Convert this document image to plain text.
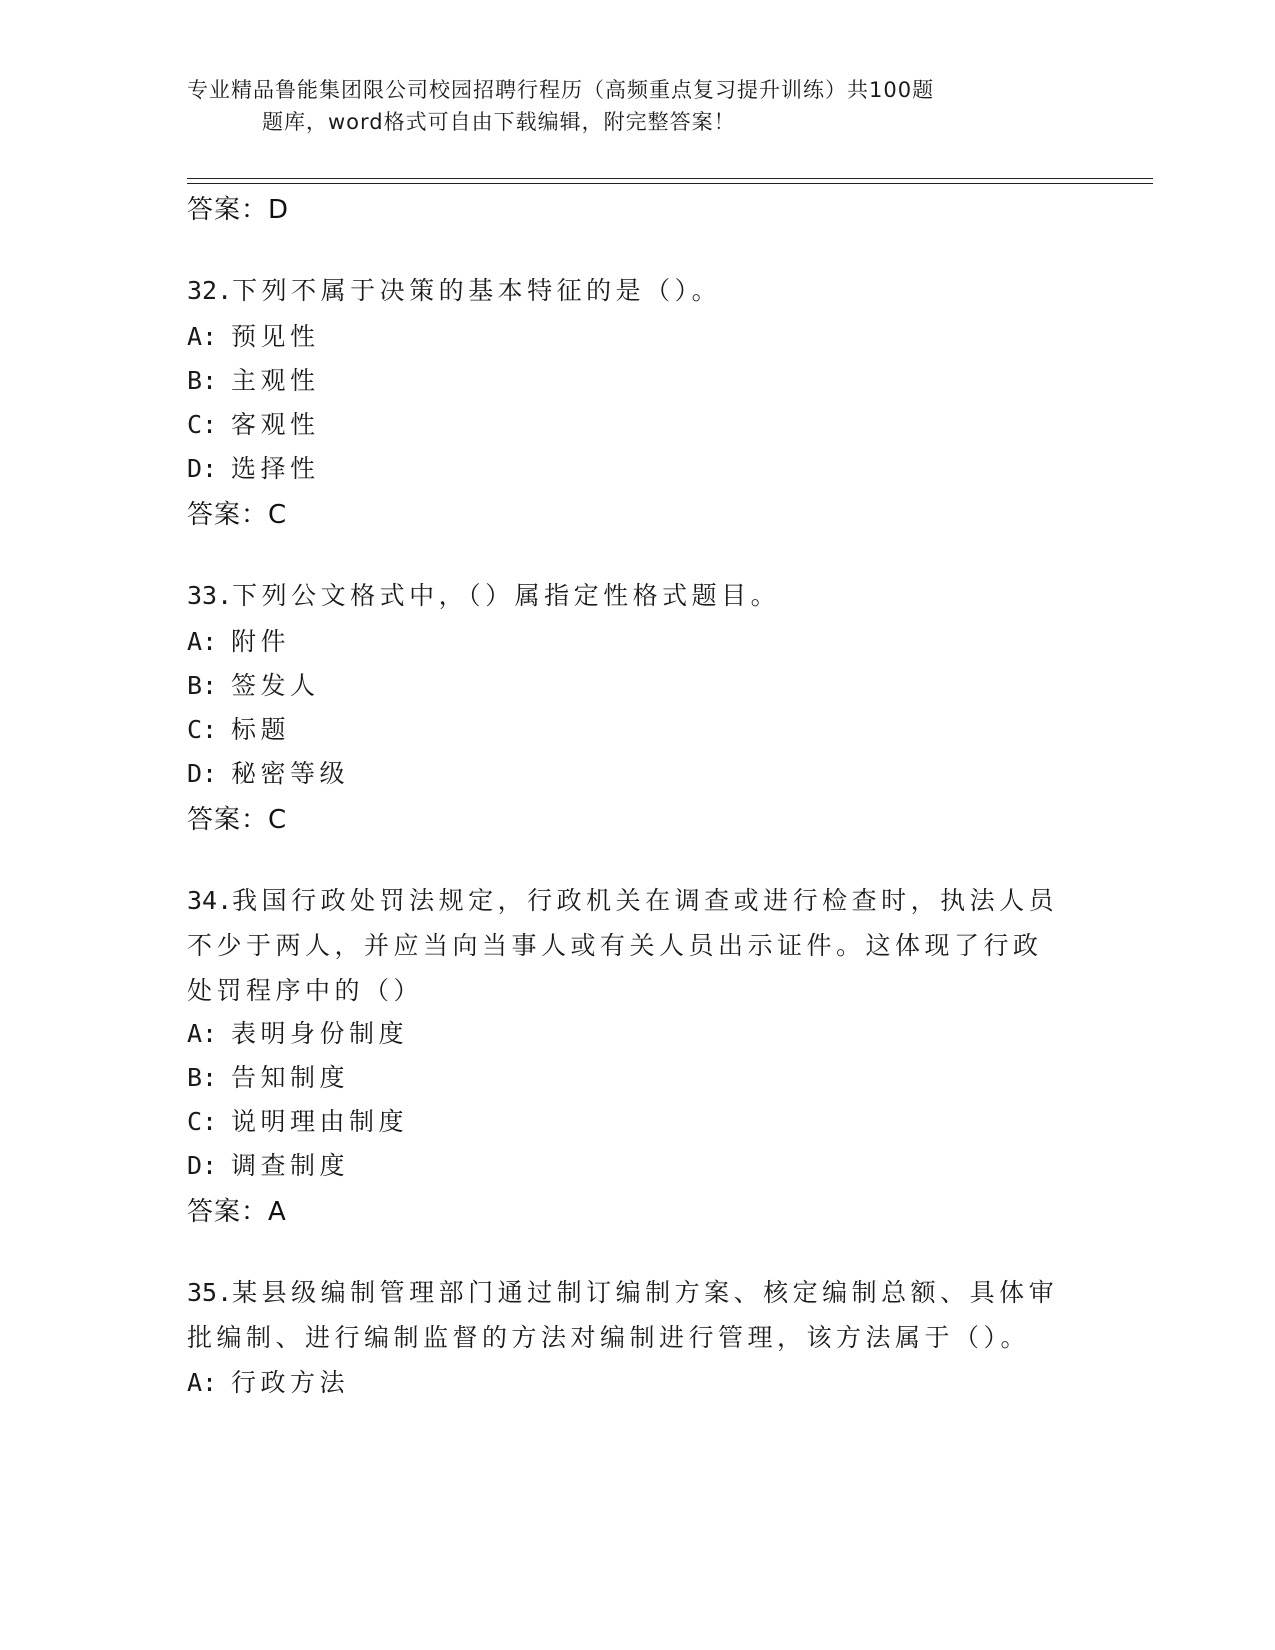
专业精品鲁能集团限公司校园招聘行程历（高频重点复习提升训练）共100题
题库，word格式可自由下载编辑，附完整答案！
答案：D
32.下列不属于决策的基本特征的是（）。
A: 预见性
B: 主观性
C: 客观性
D: 选择性
答案：C
33.下列公文格式中，（）属指定性格式题目。
A: 附件
B: 签发人
C: 标题
D: 秘密等级
答案：C
34.我国行政处罚法规定，行政机关在调查或进行检查时，执法人员不少于两人，并应当向当事人或有关人员出示证件。这体现了行政处罚程序中的（）
A: 表明身份制度
B: 告知制度
C: 说明理由制度
D: 调查制度
答案：A
35.某县级编制管理部门通过制订编制方案、核定编制总额、具体审批编制、进行编制监督的方法对编制进行管理，该方法属于（）。
A: 行政方法
